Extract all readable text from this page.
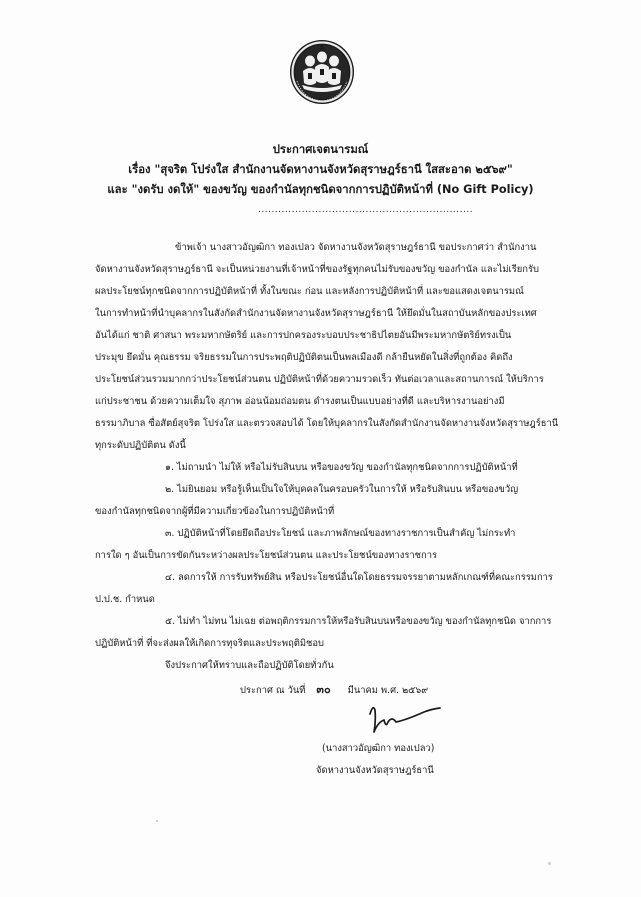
ประกาศเจตนารมณ์
เรื่อง "สุจริต โปร่งใส สำนักงานจัดหางานจังหวัดสุราษฎร์ธานี ใสสะอาด ๒๕๖๙"
และ "งดรับ งดให้" ของขวัญ ของกำนัลทุกชนิดจากการปฏิบัติหน้าที่ (No Gift Policy)
................................................................
ข้าพเจ้า นางสาวอัญฒิกา ทองเปลว จัดหางานจังหวัดสุราษฎร์ธานี ขอประกาศว่า สำนักงาน
จัดหางานจังหวัดสุราษฎร์ธานี จะเป็นหน่วยงานที่เจ้าหน้าที่ของรัฐทุกคนไม่รับของขวัญ ของกำนัล และไม่เรียกรับ
ผลประโยชน์ทุกชนิดจากการปฏิบัติหน้าที่ ทั้งในขณะ ก่อน และหลังการปฏิบัติหน้าที่ และขอแสดงเจตนารมณ์
ในการทำหน้าที่นำบุคลากรในสังกัดสำนักงานจัดหางานจังหวัดสุราษฎร์ธานี ให้ยึดมั่นในสถาบันหลักของประเทศ
อันได้แก่ ชาติ ศาสนา พระมหากษัตริย์ และการปกครองระบอบประชาธิปไตยอันมีพระมหากษัตริย์ทรงเป็น
ประมุข ยึดมั่น คุณธรรม จริยธรรมในการประพฤติปฏิบัติตนเป็นพลเมืองดี กล้ายืนหยัดในสิ่งที่ถูกต้อง คิดถึง
ประโยชน์ส่วนรวมมากกว่าประโยชน์ส่วนตน ปฏิบัติหน้าที่ด้วยความรวดเร็ว ทันต่อเวลาและสถานการณ์ ให้บริการ
แก่ประชาชน ด้วยความเต็มใจ สุภาพ อ่อนน้อมถ่อมตน ดำรงตนเป็นแบบอย่างที่ดี และบริหารงานอย่างมี
ธรรมาภิบาล ซื่อสัตย์สุจริต โปร่งใส และตรวจสอบได้ โดยให้บุคลากรในสังกัดสำนักงานจัดหางานจังหวัดสุราษฎร์ธานี
ทุกระดับปฏิบัติตน ดังนี้
๑. ไม่ถามนำ ไม่ให้ หรือไม่รับสินบน หรือของขวัญ ของกำนัลทุกชนิดจากการปฏิบัติหน้าที่
๒. ไม่ยินยอม หรือรู้เห็นเป็นใจให้บุคคลในครอบครัวในการให้ หรือรับสินบน หรือของขวัญ
ของกำนัลทุกชนิดจากผู้ที่มีความเกี่ยวข้องในการปฏิบัติหน้าที่
๓. ปฏิบัติหน้าที่โดยยึดถือประโยชน์ และภาพลักษณ์ของทางราชการเป็นสำคัญ ไม่กระทำ
การใด ๆ อันเป็นการขัดกันระหว่างผลประโยชน์ส่วนตน และประโยชน์ของทางราชการ
๔. ลดการให้ การรับทรัพย์สิน หรือประโยชน์อื่นใดโดยธรรมจรรยาตามหลักเกณฑ์ที่คณะกรรมการ
ป.ป.ช. กำหนด
๕. ไม่ทำ ไม่ทน ไม่เฉย ต่อพฤติกรรมการให้หรือรับสินบนหรือของขวัญ ของกำนัลทุกชนิด จากการ
ปฏิบัติหน้าที่ ที่จะส่งผลให้เกิดการทุจริตและประพฤติมิชอบ
จึงประกาศให้ทราบและถือปฏิบัติโดยทั่วกัน
ประกาศ ณ วันที่ ๓๐ มีนาคม พ.ศ. ๒๕๖๙
(นางสาวอัญฒิกา ทองเปลว)
จัดหางานจังหวัดสุราษฎร์ธานี
